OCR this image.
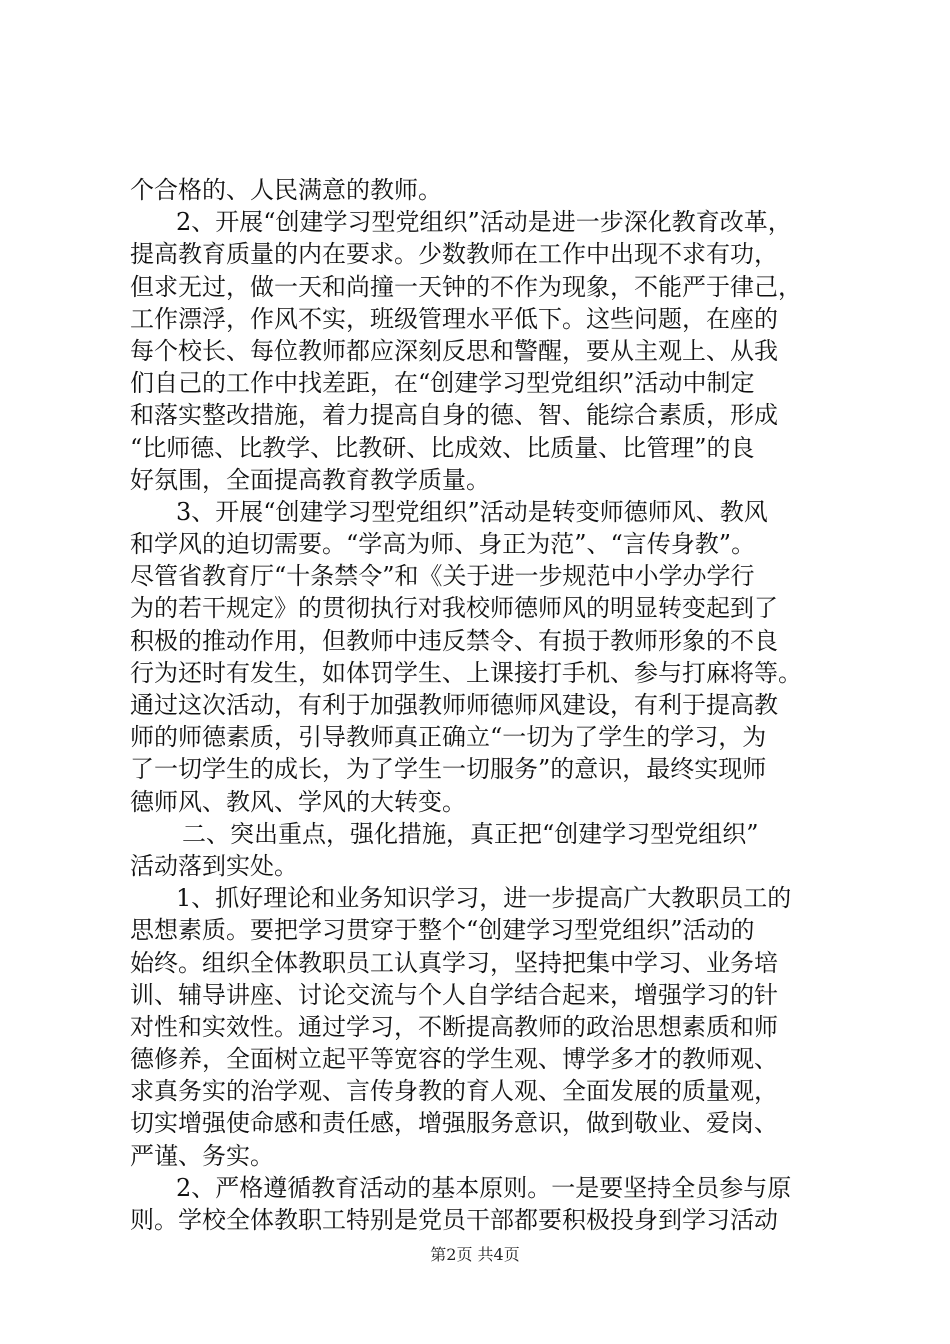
个合格的、人民满意的教师。
2、开展“创建学习型党组织”活动是进一步深化教育改革，
提高教育质量的内在要求。少数教师在工作中出现不求有功，
但求无过，做一天和尚撞一天钟的不作为现象，不能严于律己，
工作漂浮，作风不实，班级管理水平低下。这些问题，在座的
每个校长、每位教师都应深刻反思和警醒，要从主观上、从我
们自己的工作中找差距，在“创建学习型党组织”活动中制定
和落实整改措施，着力提高自身的德、智、能综合素质，形成
“比师德、比教学、比教研、比成效、比质量、比管理”的良
好氛围，全面提高教育教学质量。
3、开展“创建学习型党组织”活动是转变师德师风、教风
和学风的迫切需要。“学高为师、身正为范”、“言传身教”。
尽管省教育厅“十条禁令”和《关于进一步规范中小学办学行
为的若干规定》的贯彻执行对我校师德师风的明显转变起到了
积极的推动作用，但教师中违反禁令、有损于教师形象的不良
行为还时有发生，如体罚学生、上课接打手机、参与打麻将等。
通过这次活动，有利于加强教师师德师风建设，有利于提高教
师的师德素质，引导教师真正确立“一切为了学生的学习，为
了一切学生的成长，为了学生一切服务”的意识，最终实现师
德师风、教风、学风的大转变。
二、突出重点，强化措施，真正把“创建学习型党组织”
活动落到实处。
1、抓好理论和业务知识学习，进一步提高广大教职员工的
思想素质。要把学习贯穿于整个“创建学习型党组织”活动的
始终。组织全体教职员工认真学习，坚持把集中学习、业务培
训、辅导讲座、讨论交流与个人自学结合起来，增强学习的针
对性和实效性。通过学习，不断提高教师的政治思想素质和师
德修养，全面树立起平等宽容的学生观、博学多才的教师观、
求真务实的治学观、言传身教的育人观、全面发展的质量观，
切实增强使命感和责任感，增强服务意识，做到敬业、爱岗、
严谨、务实。
2、严格遵循教育活动的基本原则。一是要坚持全员参与原
则。学校全体教职工特别是党员干部都要积极投身到学习活动
第2页 共4页
